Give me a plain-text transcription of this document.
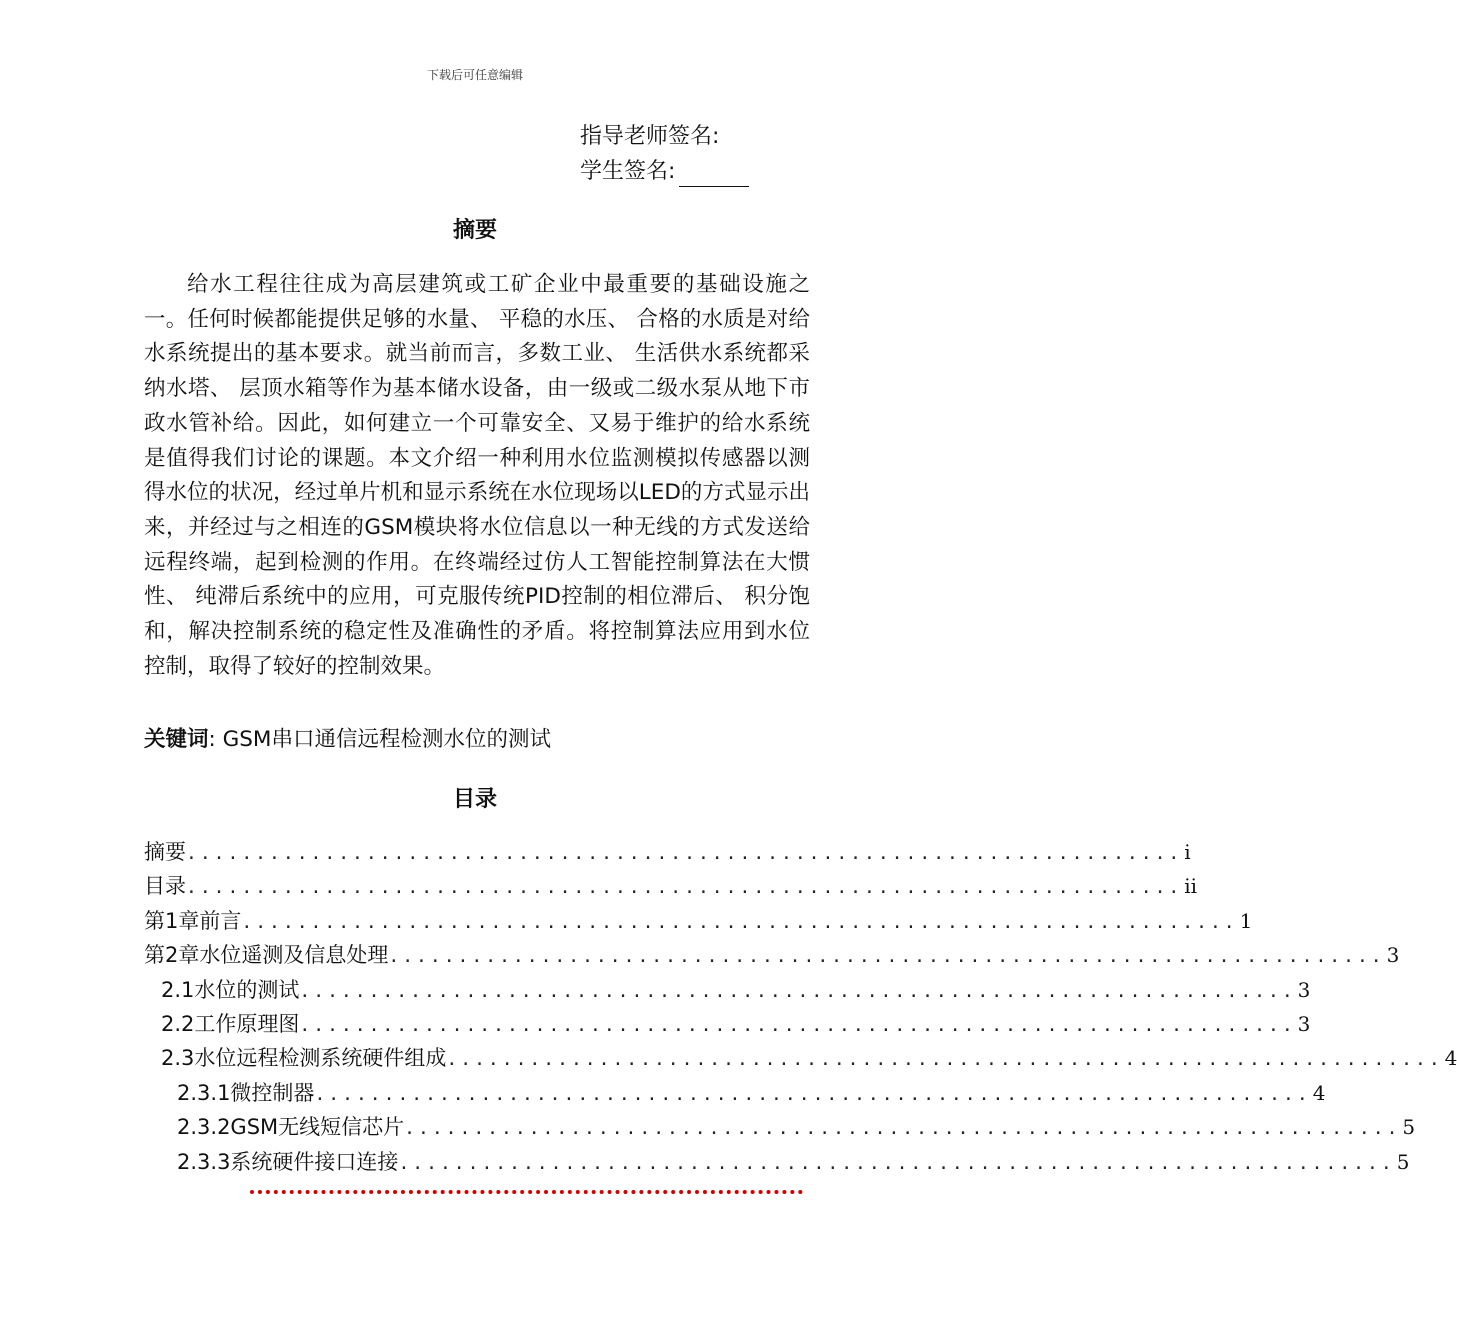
下载后可任意编辑
指导老师签名:
学生签名:
摘要

给水工程往往成为高层建筑或工矿企业中最重要的基础设施之一。任何时候都能提供足够的水量、 平稳的水压、 合格的水质是对给水系统提出的基本要求。就当前而言，多数工业、 生活供水系统都采纳水塔、 层顶水箱等作为基本储水设备，由一级或二级水泵从地下市政水管补给。因此，如何建立一个可靠安全、又易于维护的给水系统是值得我们讨论的课题。本文介绍一种利用水位监测模拟传感器以测得水位的状况，经过单片机和显示系统在水位现场以LED的方式显示出来，并经过与之相连的GSM模块将水位信息以一种无线的方式发送给远程终端，起到检测的作用。在终端经过仿人工智能控制算法在大惯性、 纯滞后系统中的应用，可克服传统PID控制的相位滞后、 积分饱和，解决控制系统的稳定性及准确性的矛盾。将控制算法应用到水位控制，取得了较好的控制效果。

关键词: GSM串口通信远程检测水位的测试
目录
摘要 ........................................................................ i
目录 ........................................................................ ii
第1章前言 ........................................................................ 1
第2章水位遥测及信息处理 ........................................................................ 3
2.1水位的测试 ........................................................................ 3
2.2工作原理图 ........................................................................ 3
2.3水位远程检测系统硬件组成 ........................................................................ 4
2.3.1微控制器 ........................................................................ 4
2.3.2GSM无线短信芯片 ........................................................................ 5
2.3.3系统硬件接口连接 ........................................................................ 5
